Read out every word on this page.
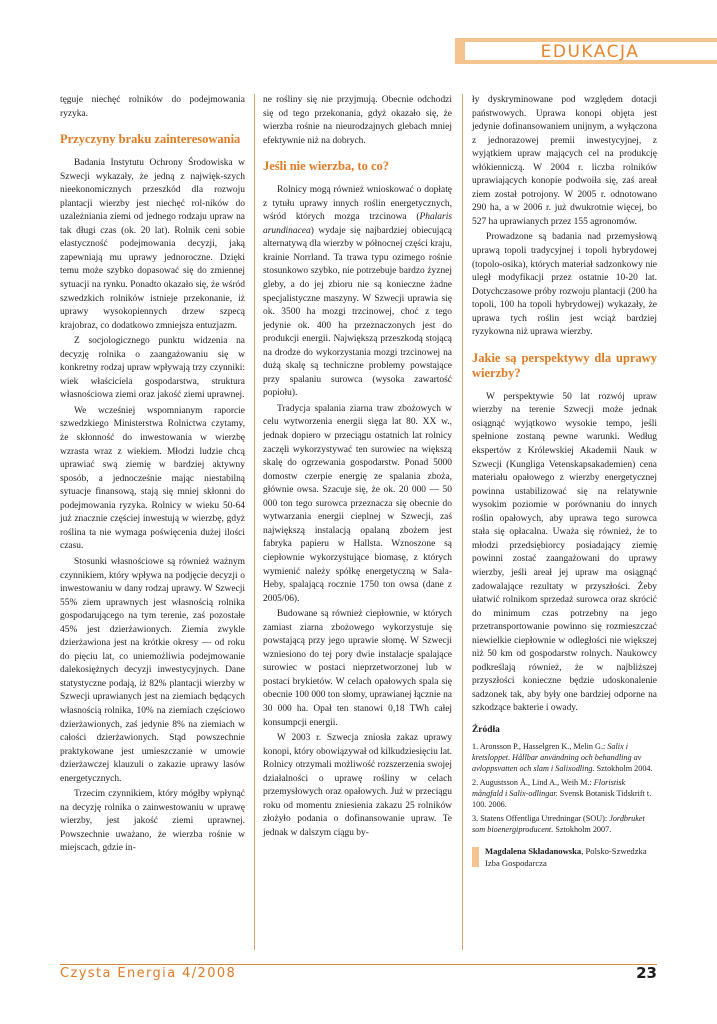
EDUKACJA

tęguje niechęć rolników do podejmowania ryzyka.

Przyczyny braku zainteresowania

Badania Instytutu Ochrony Środowiska w Szwecji wykazały, że jedną z najwięk-szych nieekonomicznych przeszkód dla rozwoju plantacji wierzby jest niechęć rol-ników do uzależniania ziemi od jednego rodzaju upraw na tak długi czas (ok. 20 lat). Rolnik ceni sobie elastyczność podejmowania decyzji, jaką zapewniają mu uprawy jednoroczne. Dzięki temu może szybko dopasować się do zmiennej sytuacji na rynku. Ponadto okazało się, że wśród szwedzkich rolników istnieje przekonanie, iż uprawy wysokopiennych drzew szpecą krajobraz, co dodatkowo zmniejsza entuzjazm.

Z socjologicznego punktu widzenia na decyzję rolnika o zaangażowaniu się w konkretny rodzaj upraw wpływają trzy czynniki: wiek właściciela gospodarstwa, struktura własnościowa ziemi oraz jakość ziemi uprawnej.

We wcześniej wspomnianym raporcie szwedzkiego Ministerstwa Rolnictwa czytamy, że skłonność do inwestowania w wierzbę wzrasta wraz z wiekiem. Młodzi ludzie chcą uprawiać swą ziemię w bardziej aktywny sposób, a jednocześnie mając niestabilną sytuacje finansową, stają się mniej skłonni do podejmowania ryzyka. Rolnicy w wieku 50-64 już znacznie częściej inwestują w wierzbę, gdyż roślina ta nie wymaga poświęcenia dużej ilości czasu.

Stosunki własnościowe są również ważnym czynnikiem, który wpływa na podjęcie decyzji o inwestowaniu w dany rodzaj uprawy. W Szwecji 55% ziem uprawnych jest własnością rolnika gospodarującego na tym terenie, zaś pozostałe 45% jest dzierżawionych. Ziemia zwykle dzierżawiona jest na krótkie okresy — od roku do pięciu lat, co uniemożliwia podejmowanie dalekosiężnych decyzji inwestycyjnych. Dane statystyczne podają, iż 82% plantacji wierzby w Szwecji uprawianych jest na ziemiach będących własnością rolnika, 10% na ziemiach częściowo dzierżawionych, zaś jedynie 8% na ziemiach w całości dzierżawionych. Stąd powszechnie praktykowane jest umieszczanie w umowie dzierżawczej klauzuli o zakazie uprawy lasów energetycznych.

Trzecim czynnikiem, który mógłby wpłynąć na decyzję rolnika o zainwestowaniu w uprawę wierzby, jest jakość ziemi uprawnej. Powszechnie uważano, że wierzba rośnie w miejscach, gdzie in-

ne rośliny się nie przyjmują. Obecnie odchodzi się od tego przekonania, gdyż okazało się, że wierzba rośnie na nieurodzajnych glebach mniej efektywnie niż na dobrych.

Jeśli nie wierzba, to co?

Rolnicy mogą również wnioskować o dopłatę z tytułu uprawy innych roślin energetycznych, wśród których mozga trzcinowa (Phalaris arundinacea) wydaje się najbardziej obiecującą alternatywą dla wierzby w północnej części kraju, krainie Norrland. Ta trawa typu ozimego rośnie stosunkowo szybko, nie potrzebuje bardzo żyznej gleby, a do jej zbioru nie są konieczne żadne specjalistyczne maszyny. W Szwecji uprawia się ok. 3500 ha mozgi trzcinowej, choć z tego jedynie ok. 400 ha przeznaczonych jest do produkcji energii. Największą przeszkodą stojącą na drodze do wykorzystania mozgi trzcinowej na dużą skalę są techniczne problemy powstające przy spalaniu surowca (wysoka zawartość popiołu).

Tradycja spalania ziarna traw zbożowych w celu wytworzenia energii sięga lat 80. XX w., jednak dopiero w przeciągu ostatnich lat rolnicy zaczęli wykorzystywać ten surowiec na większą skalę do ogrzewania gospodarstw. Ponad 5000 domostw czerpie energię ze spalania zboża, głównie owsa. Szacuje się, że ok. 20 000 — 50 000 ton tego surowca przeznacza się obecnie do wytwarzania energii cieplnej w Szwecji, zaś największą instalacją opalaną zbożem jest fabryka papieru w Hallsta. Wznoszone są ciepłownie wykorzystujące biomasę, z których wymienić należy spółkę energetyczną w Sala-Heby, spalającą rocznie 1750 ton owsa (dane z 2005/06).

Budowane są również ciepłownie, w których zamiast ziarna zbożowego wykorzystuje się powstającą przy jego uprawie słomę. W Szwecji wzniesiono do tej pory dwie instalacje spalające surowiec w postaci nieprzetworzonej lub w postaci brykietów. W celach opałowych spala się obecnie 100 000 ton słomy, uprawianej łącznie na 30 000 ha. Opał ten stanowi 0,18 TWh całej konsumpcji energii.

W 2003 r. Szwecja zniosła zakaz uprawy konopi, który obowiązywał od kilkudziesięciu lat. Rolnicy otrzymali możliwość rozszerzenia swojej działalności o uprawę rośliny w celach przemysłowych oraz opałowych. Już w przeciągu roku od momentu zniesienia zakazu 25 rolników złożyło podania o dofinansowanie upraw. Te jednak w dalszym ciągu by-

ły dyskryminowane pod względem dotacji państwowych. Uprawa konopi objęta jest jedynie dofinansowaniem unijnym, a wyłączona z jednorazowej premii inwestycyjnej, z wyjątkiem upraw mających cel na produkcję włókienniczą. W 2004 r. liczba rolników uprawiających konopie podwoiła się, zaś areał ziem został potrojony. W 2005 r. odnotowano 290 ha, a w 2006 r. już dwukrotnie więcej, bo 527 ha uprawianych przez 155 agronomów.

Prowadzone są badania nad przemysłową uprawą topoli tradycyjnej i topoli hybrydowej (topolo-osika), których materiał sadzonkowy nie uległ modyfikacji przez ostatnie 10-20 lat. Dotychczasowe próby rozwoju plantacji (200 ha topoli, 100 ha topoli hybrydowej) wykazały, że uprawa tych roślin jest wciąż bardziej ryzykowna niż uprawa wierzby.

Jakie są perspektywy dla uprawy wierzby?

W perspektywie 50 lat rozwój upraw wierzby na terenie Szwecji może jednak osiągnąć wyjątkowo wysokie tempo, jeśli spełnione zostaną pewne warunki. Według ekspertów z Królewskiej Akademii Nauk w Szwecji (Kungliga Vetenskapsakademien) cena materiału opałowego z wierzby energetycznej powinna ustabilizować się na relatywnie wysokim poziomie w porównaniu do innych roślin opałowych, aby uprawa tego surowca stała się opłacalna. Uważa się również, że to młodzi przedsiębiorcy posiadający ziemię powinni zostać zaangażowani do uprawy wierzby, jeśli areał jej upraw ma osiągnąć zadowalające rezultaty w przyszłości. Żeby ułatwić rolnikom sprzedaż surowca oraz skrócić do minimum czas potrzebny na jego przetransportowanie powinno się rozmieszczać niewielkie ciepłownie w odległości nie większej niż 50 km od gospodarstw rolnych. Naukowcy podkreślają również, że w najbliższej przyszłości konieczne będzie udoskonalenie sadzonek tak, aby były one bardziej odporne na szkodzące bakterie i owady.

Źródła

1. Aronsson P., Hasselgren K., Melin G.: Salix i kretsloppet. Hållbar användning och behandling av avloppsvatten och slam i Salixodling. Sztokholm 2004.

2. Augustsson Å., Lind A., Weih M.: Floristisk mångfald i Salix-odlingar. Svensk Botanisk Tidskrift t. 100. 2006.

3. Statens Offentliga Utredningar (SOU): Jordbruket som bioenergiproducent. Sztokholm 2007.

Magdalena Składanowska, Polsko-Szwedzka Izba Gospodarcza
Czysta Energia 4/2008	23
